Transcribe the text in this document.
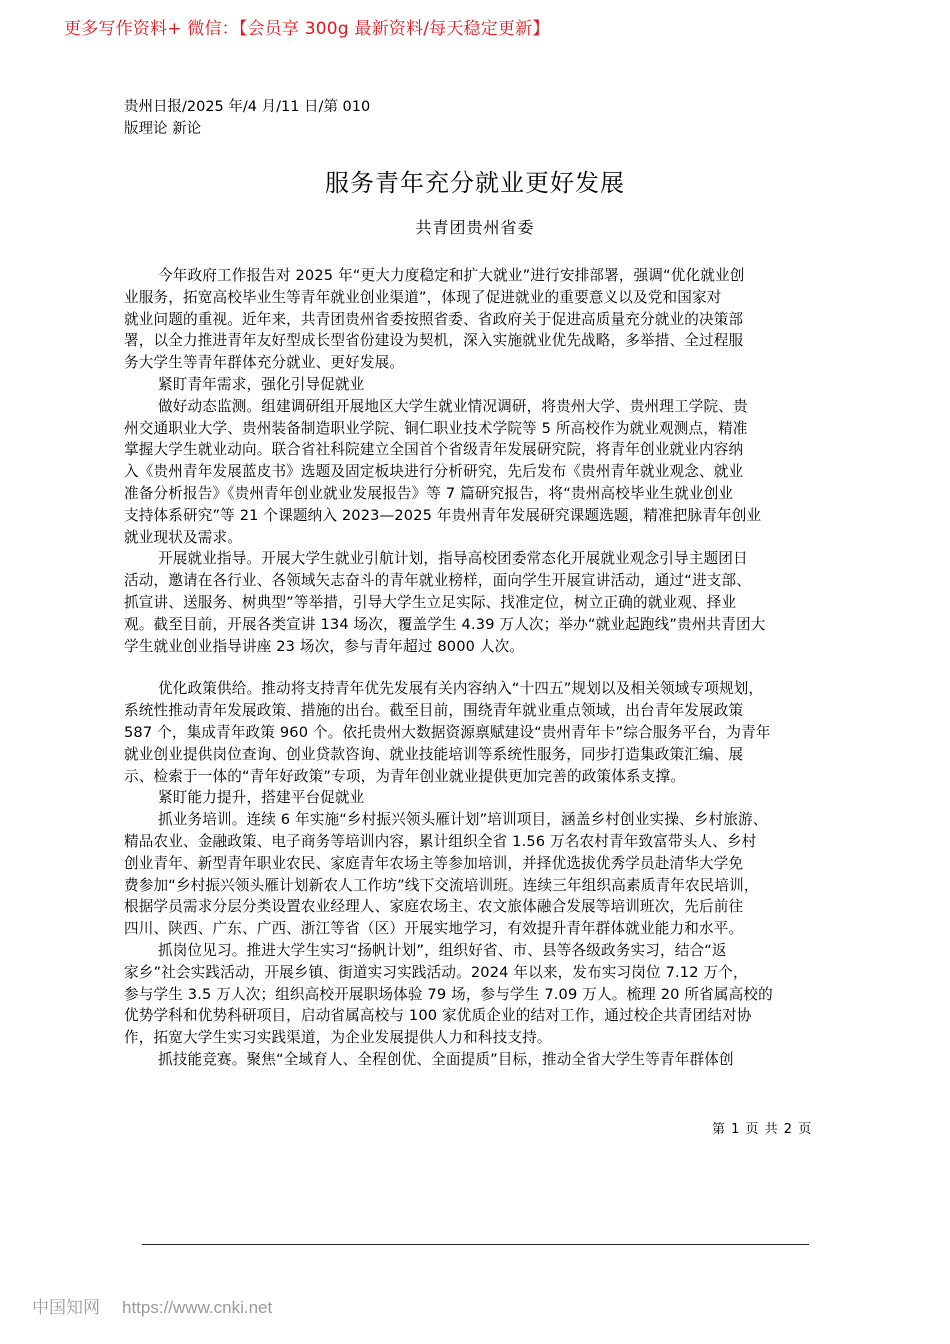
更多写作资料+ 微信：【会员享 300g 最新资料/每天稳定更新】
贵州日报/2025 年/4 月/11 日/第 010
版理论 新论
服务青年充分就业更好发展
共青团贵州省委
今年政府工作报告对 2025 年“更大力度稳定和扩大就业”进行安排部署，强调“优化就业创
业服务，拓宽高校毕业生等青年就业创业渠道”，体现了促进就业的重要意义以及党和国家对
就业问题的重视。近年来，共青团贵州省委按照省委、省政府关于促进高质量充分就业的决策部
署，以全力推进青年友好型成长型省份建设为契机，深入实施就业优先战略，多举措、全过程服
务大学生等青年群体充分就业、更好发展。
紧盯青年需求，强化引导促就业
做好动态监测。组建调研组开展地区大学生就业情况调研，将贵州大学、贵州理工学院、贵
州交通职业大学、贵州装备制造职业学院、铜仁职业技术学院等 5 所高校作为就业观测点，精准
掌握大学生就业动向。联合省社科院建立全国首个省级青年发展研究院，将青年创业就业内容纳
入《贵州青年发展蓝皮书》选题及固定板块进行分析研究，先后发布《贵州青年就业观念、就业
准备分析报告》《贵州青年创业就业发展报告》等 7 篇研究报告，将“贵州高校毕业生就业创业
支持体系研究”等 21 个课题纳入 2023—2025 年贵州青年发展研究课题选题，精准把脉青年创业
就业现状及需求。
开展就业指导。开展大学生就业引航计划，指导高校团委常态化开展就业观念引导主题团日
活动，邀请在各行业、各领域矢志奋斗的青年就业榜样，面向学生开展宣讲活动，通过“进支部、
抓宣讲、送服务、树典型”等举措，引导大学生立足实际、找准定位，树立正确的就业观、择业
观。截至目前，开展各类宣讲 134 场次，覆盖学生 4.39 万人次；举办“就业起跑线”贵州共青团大
学生就业创业指导讲座 23 场次，参与青年超过 8000 人次。
优化政策供给。推动将支持青年优先发展有关内容纳入“十四五”规划以及相关领域专项规划，
系统性推动青年发展政策、措施的出台。截至目前，围绕青年就业重点领域，出台青年发展政策
587 个，集成青年政策 960 个。依托贵州大数据资源禀赋建设“贵州青年卡”综合服务平台，为青年
就业创业提供岗位查询、创业贷款咨询、就业技能培训等系统性服务，同步打造集政策汇编、展
示、检索于一体的“青年好政策”专项，为青年创业就业提供更加完善的政策体系支撑。
紧盯能力提升，搭建平台促就业
抓业务培训。连续 6 年实施“乡村振兴领头雁计划”培训项目，涵盖乡村创业实操、乡村旅游、
精品农业、金融政策、电子商务等培训内容，累计组织全省 1.56 万名农村青年致富带头人、乡村
创业青年、新型青年职业农民、家庭青年农场主等参加培训，并择优选拔优秀学员赴清华大学免
费参加“乡村振兴领头雁计划新农人工作坊”线下交流培训班。连续三年组织高素质青年农民培训，
根据学员需求分层分类设置农业经理人、家庭农场主、农文旅体融合发展等培训班次，先后前往
四川、陕西、广东、广西、浙江等省（区）开展实地学习，有效提升青年群体就业能力和水平。
抓岗位见习。推进大学生实习“扬帆计划”，组织好省、市、县等各级政务实习，结合“返
家乡”社会实践活动，开展乡镇、街道实习实践活动。2024 年以来，发布实习岗位 7.12 万个，
参与学生 3.5 万人次；组织高校开展职场体验 79 场，参与学生 7.09 万人。梳理 20 所省属高校的
优势学科和优势科研项目，启动省属高校与 100 家优质企业的结对工作，通过校企共青团结对协
作，拓宽大学生实习实践渠道，为企业发展提供人力和科技支持。
抓技能竞赛。聚焦“全域育人、全程创优、全面提质”目标，推动全省大学生等青年群体创
第 1 页 共 2 页
中国知网 https://www.cnki.net
